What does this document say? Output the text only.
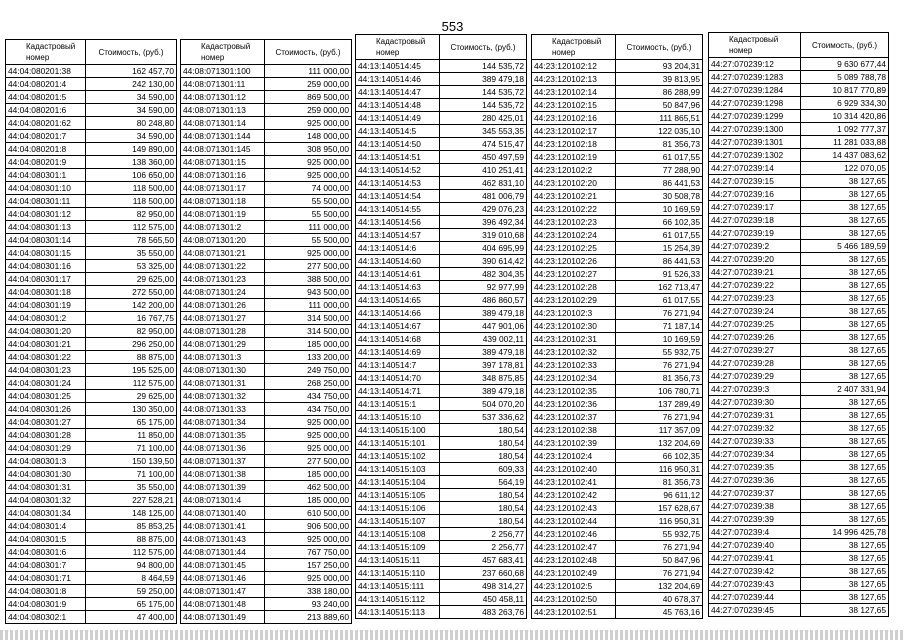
553
Кадастровый номер	Стоимость, (руб.)
44:04:080201:38	162 457,70
44:04:080201:4	242 130,00
44:04:080201:5	34 590,00
44:04:080201:6	34 590,00
44:04:080201:62	80 248,80
44:04:080201:7	34 590,00
44:04:080201:8	149 890,00
44:04:080201:9	138 360,00
44:04:080301:1	106 650,00
44:04:080301:10	118 500,00
44:04:080301:11	118 500,00
44:04:080301:12	82 950,00
44:04:080301:13	112 575,00
44:04:080301:14	78 565,50
44:04:080301:15	35 550,00
44:04:080301:16	53 325,00
44:04:080301:17	29 625,00
44:04:080301:18	272 550,00
44:04:080301:19	142 200,00
44:04:080301:2	16 767,75
44:04:080301:20	82 950,00
44:04:080301:21	296 250,00
44:04:080301:22	88 875,00
44:04:080301:23	195 525,00
44:04:080301:24	112 575,00
44:04:080301:25	29 625,00
44:04:080301:26	130 350,00
44:04:080301:27	65 175,00
44:04:080301:28	11 850,00
44:04:080301:29	71 100,00
44:04:080301:3	150 139,50
44:04:080301:30	71 100,00
44:04:080301:31	35 550,00
44:04:080301:32	227 528,21
44:04:080301:34	148 125,00
44:04:080301:4	85 853,25
44:04:080301:5	88 875,00
44:04:080301:6	112 575,00
44:04:080301:7	94 800,00
44:04:080301:71	8 464,59
44:04:080301:8	59 250,00
44:04:080301:9	65 175,00
44:04:080302:1	47 400,00
Кадастровый номер	Стоимость, (руб.)
44:08:071301:100	111 000,00
44:08:071301:11	259 000,00
44:08:071301:12	869 500,00
44:08:071301:13	259 000,00
44:08:071301:14	925 000,00
44:08:071301:144	148 000,00
44:08:071301:145	308 950,00
44:08:071301:15	925 000,00
44:08:071301:16	925 000,00
44:08:071301:17	74 000,00
44:08:071301:18	55 500,00
44:08:071301:19	55 500,00
44:08:071301:2	111 000,00
44:08:071301:20	55 500,00
44:08:071301:21	925 000,00
44:08:071301:22	277 500,00
44:08:071301:23	388 500,00
44:08:071301:24	943 500,00
44:08:071301:26	111 000,00
44:08:071301:27	314 500,00
44:08:071301:28	314 500,00
44:08:071301:29	185 000,00
44:08:071301:3	133 200,00
44:08:071301:30	249 750,00
44:08:071301:31	268 250,00
44:08:071301:32	434 750,00
44:08:071301:33	434 750,00
44:08:071301:34	925 000,00
44:08:071301:35	925 000,00
44:08:071301:36	925 000,00
44:08:071301:37	277 500,00
44:08:071301:38	185 000,00
44:08:071301:39	462 500,00
44:08:071301:4	185 000,00
44:08:071301:40	610 500,00
44:08:071301:41	906 500,00
44:08:071301:43	925 000,00
44:08:071301:44	767 750,00
44:08:071301:45	157 250,00
44:08:071301:46	925 000,00
44:08:071301:47	338 180,00
44:08:071301:48	93 240,00
44:08:071301:49	213 889,60
Кадастровый номер	Стоимость, (руб.)
44:13:140514:45	144 535,72
44:13:140514:46	389 479,18
44:13:140514:47	144 535,72
44:13:140514:48	144 535,72
44:13:140514:49	280 425,01
44:13:140514:5	345 553,35
44:13:140514:50	474 515,47
44:13:140514:51	450 497,59
44:13:140514:52	410 251,41
44:13:140514:53	462 831,10
44:13:140514:54	481 006,79
44:13:140514:55	429 076,23
44:13:140514:56	396 492,34
44:13:140514:57	319 010,68
44:13:140514:6	404 695,99
44:13:140514:60	390 614,42
44:13:140514:61	482 304,35
44:13:140514:63	92 977,99
44:13:140514:65	486 860,57
44:13:140514:66	389 479,18
44:13:140514:67	447 901,06
44:13:140514:68	439 002,11
44:13:140514:69	389 479,18
44:13:140514:7	397 178,81
44:13:140514:70	348 875,85
44:13:140514:71	389 479,18
44:13:140515:1	504 070,20
44:13:140515:10	537 336,62
44:13:140515:100	180,54
44:13:140515:101	180,54
44:13:140515:102	180,54
44:13:140515:103	609,33
44:13:140515:104	564,19
44:13:140515:105	180,54
44:13:140515:106	180,54
44:13:140515:107	180,54
44:13:140515:108	2 256,77
44:13:140515:109	2 256,77
44:13:140515:11	457 683,41
44:13:140515:110	237 660,68
44:13:140515:111	498 314,27
44:13:140515:112	450 458,11
44:13:140515:113	483 263,76
Кадастровый номер	Стоимость, (руб.)
44:23:120102:12	93 204,31
44:23:120102:13	39 813,95
44:23:120102:14	86 288,99
44:23:120102:15	50 847,96
44:23:120102:16	111 865,51
44:23:120102:17	122 035,10
44:23:120102:18	81 356,73
44:23:120102:19	61 017,55
44:23:120102:2	77 288,90
44:23:120102:20	86 441,53
44:23:120102:21	30 508,78
44:23:120102:22	10 169,59
44:23:120102:23	66 102,35
44:23:120102:24	61 017,55
44:23:120102:25	15 254,39
44:23:120102:26	86 441,53
44:23:120102:27	91 526,33
44:23:120102:28	162 713,47
44:23:120102:29	61 017,55
44:23:120102:3	76 271,94
44:23:120102:30	71 187,14
44:23:120102:31	10 169,59
44:23:120102:32	55 932,75
44:23:120102:33	76 271,94
44:23:120102:34	81 356,73
44:23:120102:35	106 780,71
44:23:120102:36	137 289,49
44:23:120102:37	76 271,94
44:23:120102:38	117 357,09
44:23:120102:39	132 204,69
44:23:120102:4	66 102,35
44:23:120102:40	116 950,31
44:23:120102:41	81 356,73
44:23:120102:42	96 611,12
44:23:120102:43	157 628,67
44:23:120102:44	116 950,31
44:23:120102:46	55 932,75
44:23:120102:47	76 271,94
44:23:120102:48	50 847,96
44:23:120102:49	76 271,94
44:23:120102:5	132 204,69
44:23:120102:50	40 678,37
44:23:120102:51	45 763,16
Кадастровый номер	Стоимость, (руб.)
44:27:070239:12	9 630 677,44
44:27:070239:1283	5 089 788,78
44:27:070239:1284	10 817 770,89
44:27:070239:1298	6 929 334,30
44:27:070239:1299	10 314 420,86
44:27:070239:1300	1 092 777,37
44:27:070239:1301	11 281 033,88
44:27:070239:1302	14 437 083,62
44:27:070239:14	122 070,05
44:27:070239:15	38 127,65
44:27:070239:16	38 127,65
44:27:070239:17	38 127,65
44:27:070239:18	38 127,65
44:27:070239:19	38 127,65
44:27:070239:2	5 466 189,59
44:27:070239:20	38 127,65
44:27:070239:21	38 127,65
44:27:070239:22	38 127,65
44:27:070239:23	38 127,65
44:27:070239:24	38 127,65
44:27:070239:25	38 127,65
44:27:070239:26	38 127,65
44:27:070239:27	38 127,65
44:27:070239:28	38 127,65
44:27:070239:29	38 127,65
44:27:070239:3	2 407 331,94
44:27:070239:30	38 127,65
44:27:070239:31	38 127,65
44:27:070239:32	38 127,65
44:27:070239:33	38 127,65
44:27:070239:34	38 127,65
44:27:070239:35	38 127,65
44:27:070239:36	38 127,65
44:27:070239:37	38 127,65
44:27:070239:38	38 127,65
44:27:070239:39	38 127,65
44:27:070239:4	14 996 425,78
44:27:070239:40	38 127,65
44:27:070239:41	38 127,65
44:27:070239:42	38 127,65
44:27:070239:43	38 127,65
44:27:070239:44	38 127,65
44:27:070239:45	38 127,65
